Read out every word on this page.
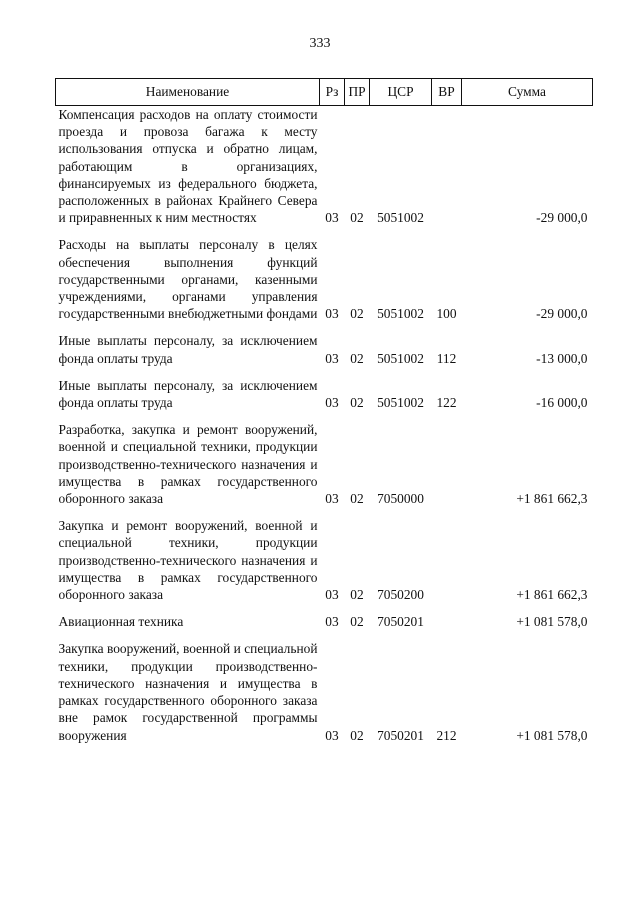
333
Наименование	Рз	ПР	ЦСР	ВР	Сумма
Компенсация расходов на оплату стоимости проезда и провоза багажа к месту использования отпуска и обратно лицам, работающим в организациях, финансируемых из федерального бюджета, расположенных в районах Крайнего Севера и приравненных к ним местностях	03	02	5051002		-29 000,0

Расходы на выплаты персоналу в целях обеспечения выполнения функций государственными органами, казенными учреждениями, органами управления государственными внебюджетными фондами	03	02	5051002	100	-29 000,0

Иные выплаты персоналу, за исключением фонда оплаты труда	03	02	5051002	112	-13 000,0

Иные выплаты персоналу, за исключением фонда оплаты труда	03	02	5051002	122	-16 000,0

Разработка, закупка и ремонт вооружений, военной и специальной техники, продукции производственно-технического назначения и имущества в рамках государственного оборонного заказа	03	02	7050000		+1 861 662,3

Закупка и ремонт вооружений, военной и специальной техники, продукции производственно-технического назначения и имущества в рамках государственного оборонного заказа	03	02	7050200		+1 861 662,3

Авиационная техника	03	02	7050201		+1 081 578,0

Закупка вооружений, военной и специальной техники, продукции производственно-технического назначения и имущества в рамках государственного оборонного заказа вне рамок государственной программы вооружения	03	02	7050201	212	+1 081 578,0
